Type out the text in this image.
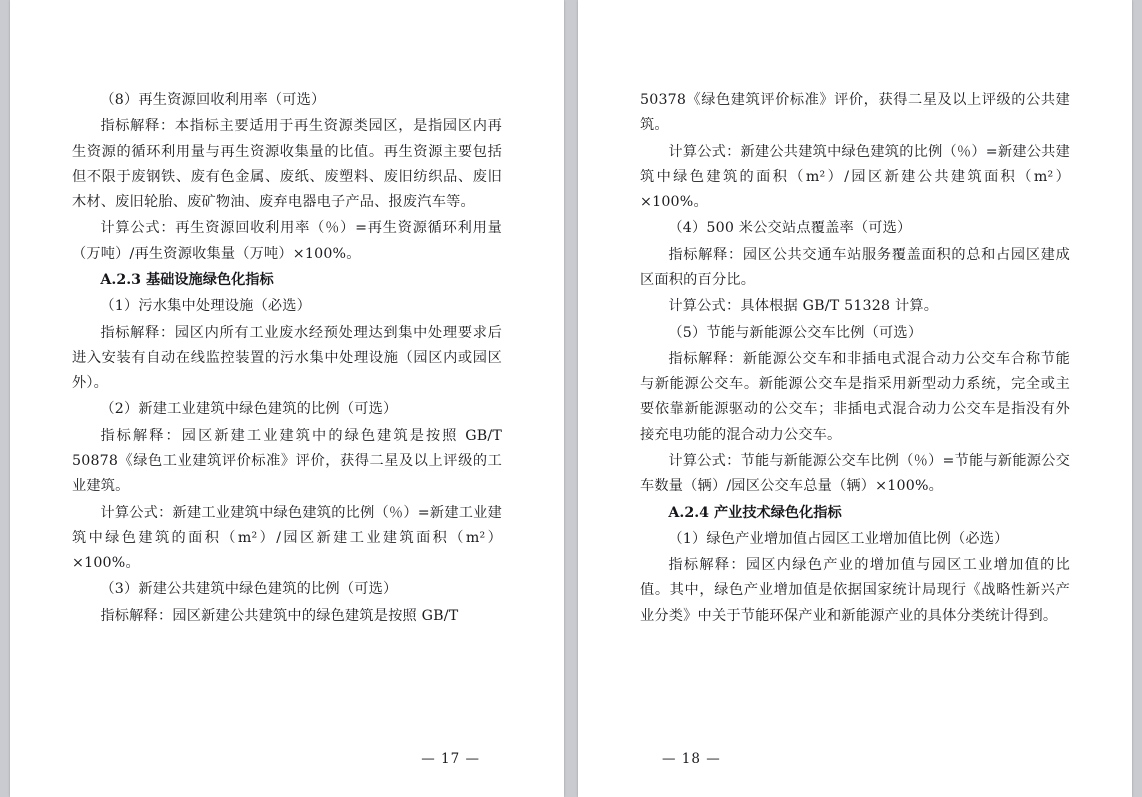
（8）再生资源回收利用率（可选）

指标解释：本指标主要适用于再生资源类园区，是指园区内再生资源的循环利用量与再生资源收集量的比值。再生资源主要包括但不限于废钢铁、废有色金属、废纸、废塑料、废旧纺织品、废旧木材、废旧轮胎、废矿物油、废弃电器电子产品、报废汽车等。

计算公式：再生资源回收利用率（％）=再生资源循环利用量（万吨）/再生资源收集量（万吨）×100%。

A.2.3 基础设施绿色化指标

（1）污水集中处理设施（必选）

指标解释：园区内所有工业废水经预处理达到集中处理要求后进入安装有自动在线监控装置的污水集中处理设施（园区内或园区外）。

（2）新建工业建筑中绿色建筑的比例（可选）

指标解释：园区新建工业建筑中的绿色建筑是按照 GB/T 50878《绿色工业建筑评价标准》评价，获得二星及以上评级的工业建筑。

计算公式：新建工业建筑中绿色建筑的比例（％）=新建工业建筑中绿色建筑的面积（m²）/园区新建工业建筑面积（m²）×100%。

（3）新建公共建筑中绿色建筑的比例（可选）

指标解释：园区新建公共建筑中的绿色建筑是按照 GB/T

— 17 —

50378《绿色建筑评价标准》评价，获得二星及以上评级的公共建筑。

计算公式：新建公共建筑中绿色建筑的比例（％）=新建公共建筑中绿色建筑的面积（m²）/园区新建公共建筑面积（m²）×100%。

（4）500 米公交站点覆盖率（可选）

指标解释：园区公共交通车站服务覆盖面积的总和占园区建成区面积的百分比。

计算公式：具体根据 GB/T 51328 计算。

（5）节能与新能源公交车比例（可选）

指标解释：新能源公交车和非插电式混合动力公交车合称节能与新能源公交车。新能源公交车是指采用新型动力系统，完全或主要依靠新能源驱动的公交车；非插电式混合动力公交车是指没有外接充电功能的混合动力公交车。

计算公式：节能与新能源公交车比例（％）=节能与新能源公交车数量（辆）/园区公交车总量（辆）×100%。

A.2.4 产业技术绿色化指标

（1）绿色产业增加值占园区工业增加值比例（必选）

指标解释：园区内绿色产业的增加值与园区工业增加值的比值。其中，绿色产业增加值是依据国家统计局现行《战略性新兴产业分类》中关于节能环保产业和新能源产业的具体分类统计得到。

— 18 —
